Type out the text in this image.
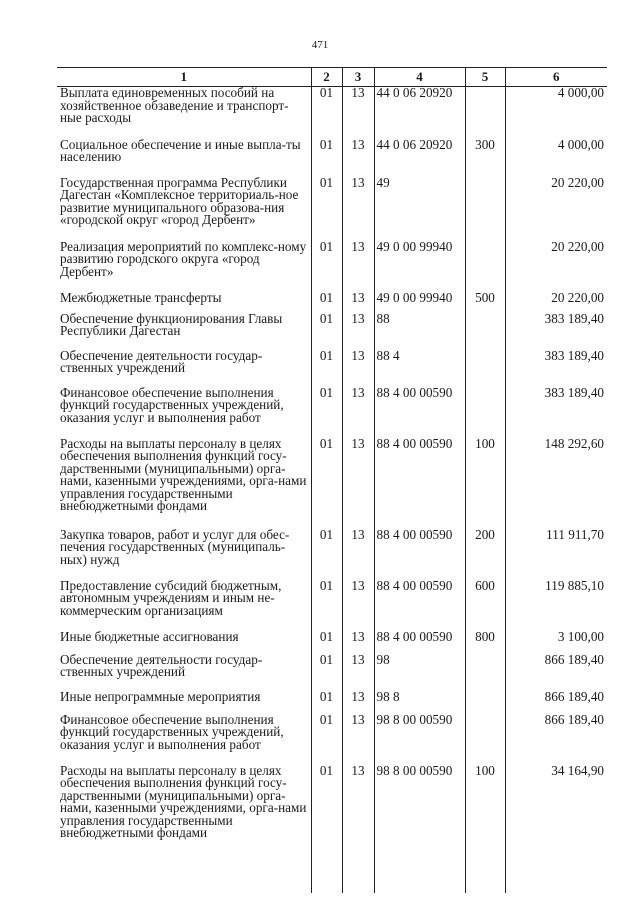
471
1	2	3	4	5	6
Выплата единовременных пособий на хозяйственное обзаведение и транспорт-ные расходы	01	13	44 0 06 20920		4 000,00
Социальное обеспечение и иные выпла-ты населению	01	13	44 0 06 20920	300	4 000,00
Государственная программа Республики Дагестан «Комплексное территориаль-ное развитие муниципального образова-ния «городской округ «город Дербент»	01	13	49		20 220,00
Реализация мероприятий по комплекс-ному развитию городского округа «город Дербент»	01	13	49 0 00 99940		20 220,00
Межбюджетные трансферты	01	13	49 0 00 99940	500	20 220,00
Обеспечение функционирования Главы Республики Дагестан	01	13	88		383 189,40
Обеспечение деятельности государ-ственных учреждений	01	13	88 4		383 189,40
Финансовое обеспечение выполнения функций государственных учреждений, оказания услуг и выполнения работ	01	13	88 4 00 00590		383 189,40
Расходы на выплаты персоналу в целях обеспечения выполнения функций госу-дарственными (муниципальными) орга-нами, казенными учреждениями, орга-нами управления государственными внебюджетными фондами	01	13	88 4 00 00590	100	148 292,60
Закупка товаров, работ и услуг для обес-печения государственных (муниципаль-ных) нужд	01	13	88 4 00 00590	200	111 911,70
Предоставление субсидий бюджетным, автономным учреждениям и иным не-коммерческим организациям	01	13	88 4 00 00590	600	119 885,10
Иные бюджетные ассигнования	01	13	88 4 00 00590	800	3 100,00
Обеспечение деятельности государ-ственных учреждений	01	13	98		866 189,40
Иные непрограммные мероприятия	01	13	98 8		866 189,40
Финансовое обеспечение выполнения функций государственных учреждений, оказания услуг и выполнения работ	01	13	98 8 00 00590		866 189,40
Расходы на выплаты персоналу в целях обеспечения выполнения функций госу-дарственными (муниципальными) орга-нами, казенными учреждениями, орга-нами управления государственными внебюджетными фондами	01	13	98 8 00 00590	100	34 164,90
